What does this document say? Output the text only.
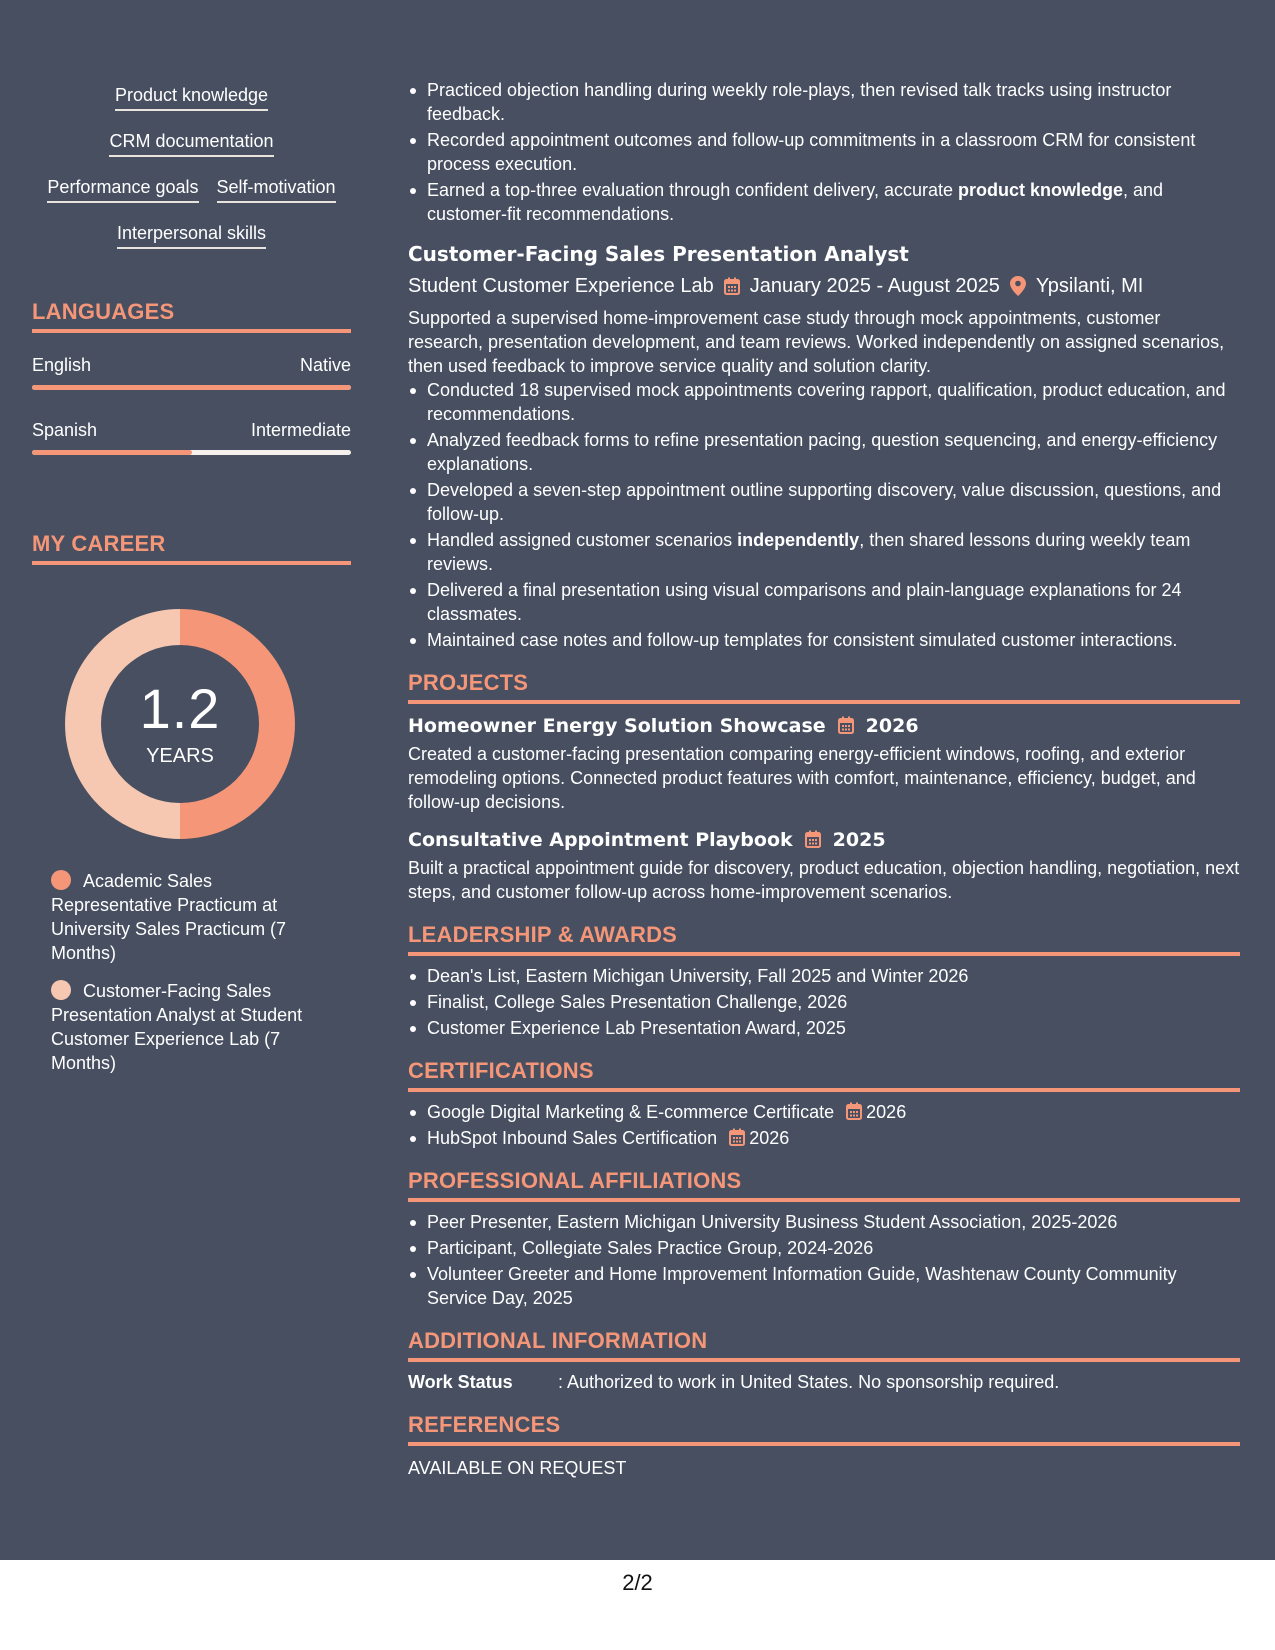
Product knowledge
CRM documentation
Performance goals Self-motivation
Interpersonal skills
LANGUAGES
English	Native
Spanish	Intermediate
MY CAREER
1.2
YEARS
Academic Sales Representative Practicum at University Sales Practicum (7 Months)
Customer-Facing Sales Presentation Analyst at Student Customer Experience Lab (7 Months)
Practiced objection handling during weekly role-plays, then revised talk tracks using instructor feedback.
Recorded appointment outcomes and follow-up commitments in a classroom CRM for consistent process execution.
Earned a top-three evaluation through confident delivery, accurate product knowledge, and customer-fit recommendations.
Customer-Facing Sales Presentation Analyst
Student Customer Experience Lab January 2025 - August 2025 Ypsilanti, MI
Supported a supervised home-improvement case study through mock appointments, customer research, presentation development, and team reviews. Worked independently on assigned scenarios, then used feedback to improve service quality and solution clarity.
Conducted 18 supervised mock appointments covering rapport, qualification, product education, and recommendations.
Analyzed feedback forms to refine presentation pacing, question sequencing, and energy-efficiency explanations.
Developed a seven-step appointment outline supporting discovery, value discussion, questions, and follow-up.
Handled assigned customer scenarios independently, then shared lessons during weekly team reviews.
Delivered a final presentation using visual comparisons and plain-language explanations for 24 classmates.
Maintained case notes and follow-up templates for consistent simulated customer interactions.
PROJECTS
Homeowner Energy Solution Showcase 2026
Created a customer-facing presentation comparing energy-efficient windows, roofing, and exterior remodeling options. Connected product features with comfort, maintenance, efficiency, budget, and follow-up decisions.
Consultative Appointment Playbook 2025
Built a practical appointment guide for discovery, product education, objection handling, negotiation, next steps, and customer follow-up across home-improvement scenarios.
LEADERSHIP & AWARDS
Dean's List, Eastern Michigan University, Fall 2025 and Winter 2026
Finalist, College Sales Presentation Challenge, 2026
Customer Experience Lab Presentation Award, 2025
CERTIFICATIONS
Google Digital Marketing & E-commerce Certificate 2026
HubSpot Inbound Sales Certification 2026
PROFESSIONAL AFFILIATIONS
Peer Presenter, Eastern Michigan University Business Student Association, 2025-2026
Participant, Collegiate Sales Practice Group, 2024-2026
Volunteer Greeter and Home Improvement Information Guide, Washtenaw County Community Service Day, 2025
ADDITIONAL INFORMATION
Work Status	: Authorized to work in United States. No sponsorship required.
REFERENCES
AVAILABLE ON REQUEST
2/2
